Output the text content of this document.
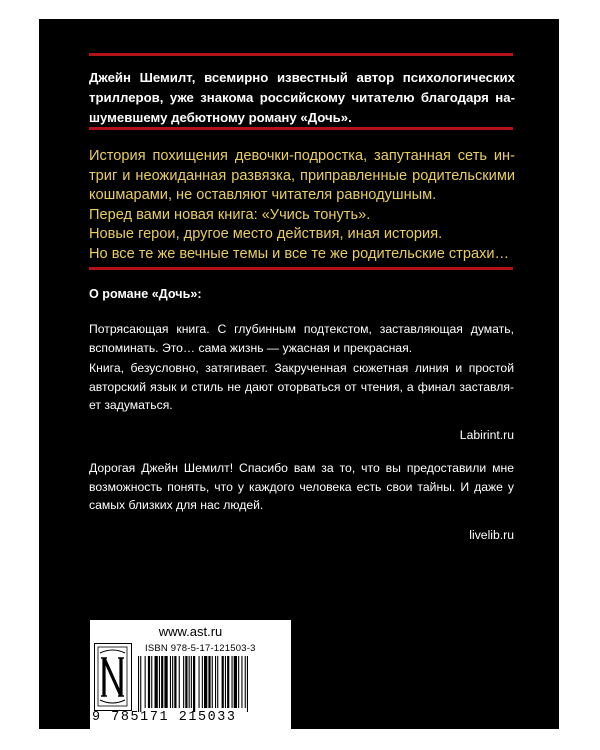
Джейн Шемилт, всемирно известный автор психологических триллеров, уже знакома российскому читателю благодаря нашумевшему дебютному роману «Дочь».

История похищения девочки-подростка, запутанная сеть интриг и неожиданная развязка, приправленные родительскими кошмарами, не оставляют читателя равнодушным.

Перед вами новая книга: «Учись тонуть».

Новые герои, другое место действия, иная история.

Но все те же вечные темы и все те же родительские страхи…

О романе «Дочь»:

Потрясающая книга. С глубинным подтекстом, заставляющая думать, вспоминать. Это… сама жизнь — ужасная и прекрасная.

Книга, безусловно, затягивает. Закрученная сюжетная линия и простой авторский язык и стиль не дают оторваться от чтения, а финал заставляет задуматься.

Labirint.ru

Дорогая Джейн Шемилт! Спасибо вам за то, что вы предоставили мне возможность понять, что у каждого человека есть свои тайны. И даже у самых близких для нас людей.

livelib.ru
www.ast.ru
ISBN 978-5-17-121503-3
9 785171 215033
